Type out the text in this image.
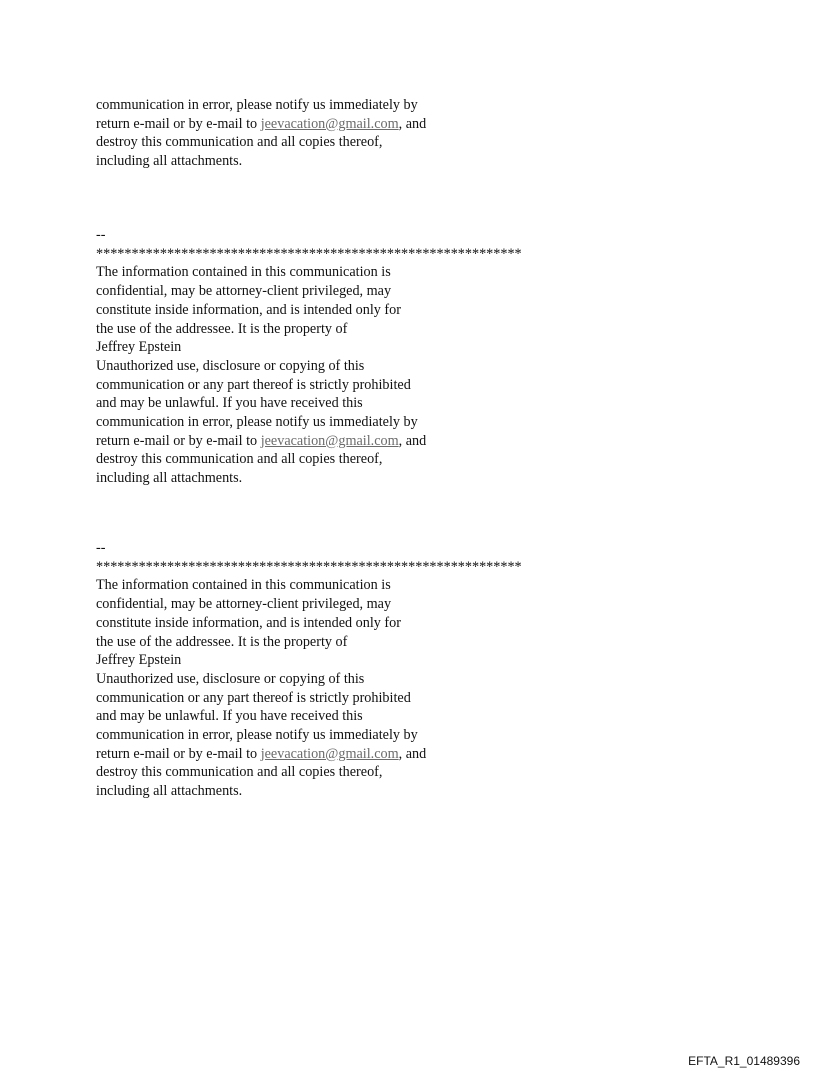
communication in error, please notify us immediately by
return e-mail or by e-mail to jeevacation@gmail.com, and
destroy this communication and all copies thereof,
including all attachments.
--
************************************************************
The information contained in this communication is
confidential, may be attorney-client privileged, may
constitute inside information, and is intended only for
the use of the addressee. It is the property of
Jeffrey Epstein
Unauthorized use, disclosure or copying of this
communication or any part thereof is strictly prohibited
and may be unlawful. If you have received this
communication in error, please notify us immediately by
return e-mail or by e-mail to jeevacation@gmail.com, and
destroy this communication and all copies thereof,
including all attachments.
--
************************************************************
The information contained in this communication is
confidential, may be attorney-client privileged, may
constitute inside information, and is intended only for
the use of the addressee. It is the property of
Jeffrey Epstein
Unauthorized use, disclosure or copying of this
communication or any part thereof is strictly prohibited
and may be unlawful. If you have received this
communication in error, please notify us immediately by
return e-mail or by e-mail to jeevacation@gmail.com, and
destroy this communication and all copies thereof,
including all attachments.
EFTA_R1_01489396
